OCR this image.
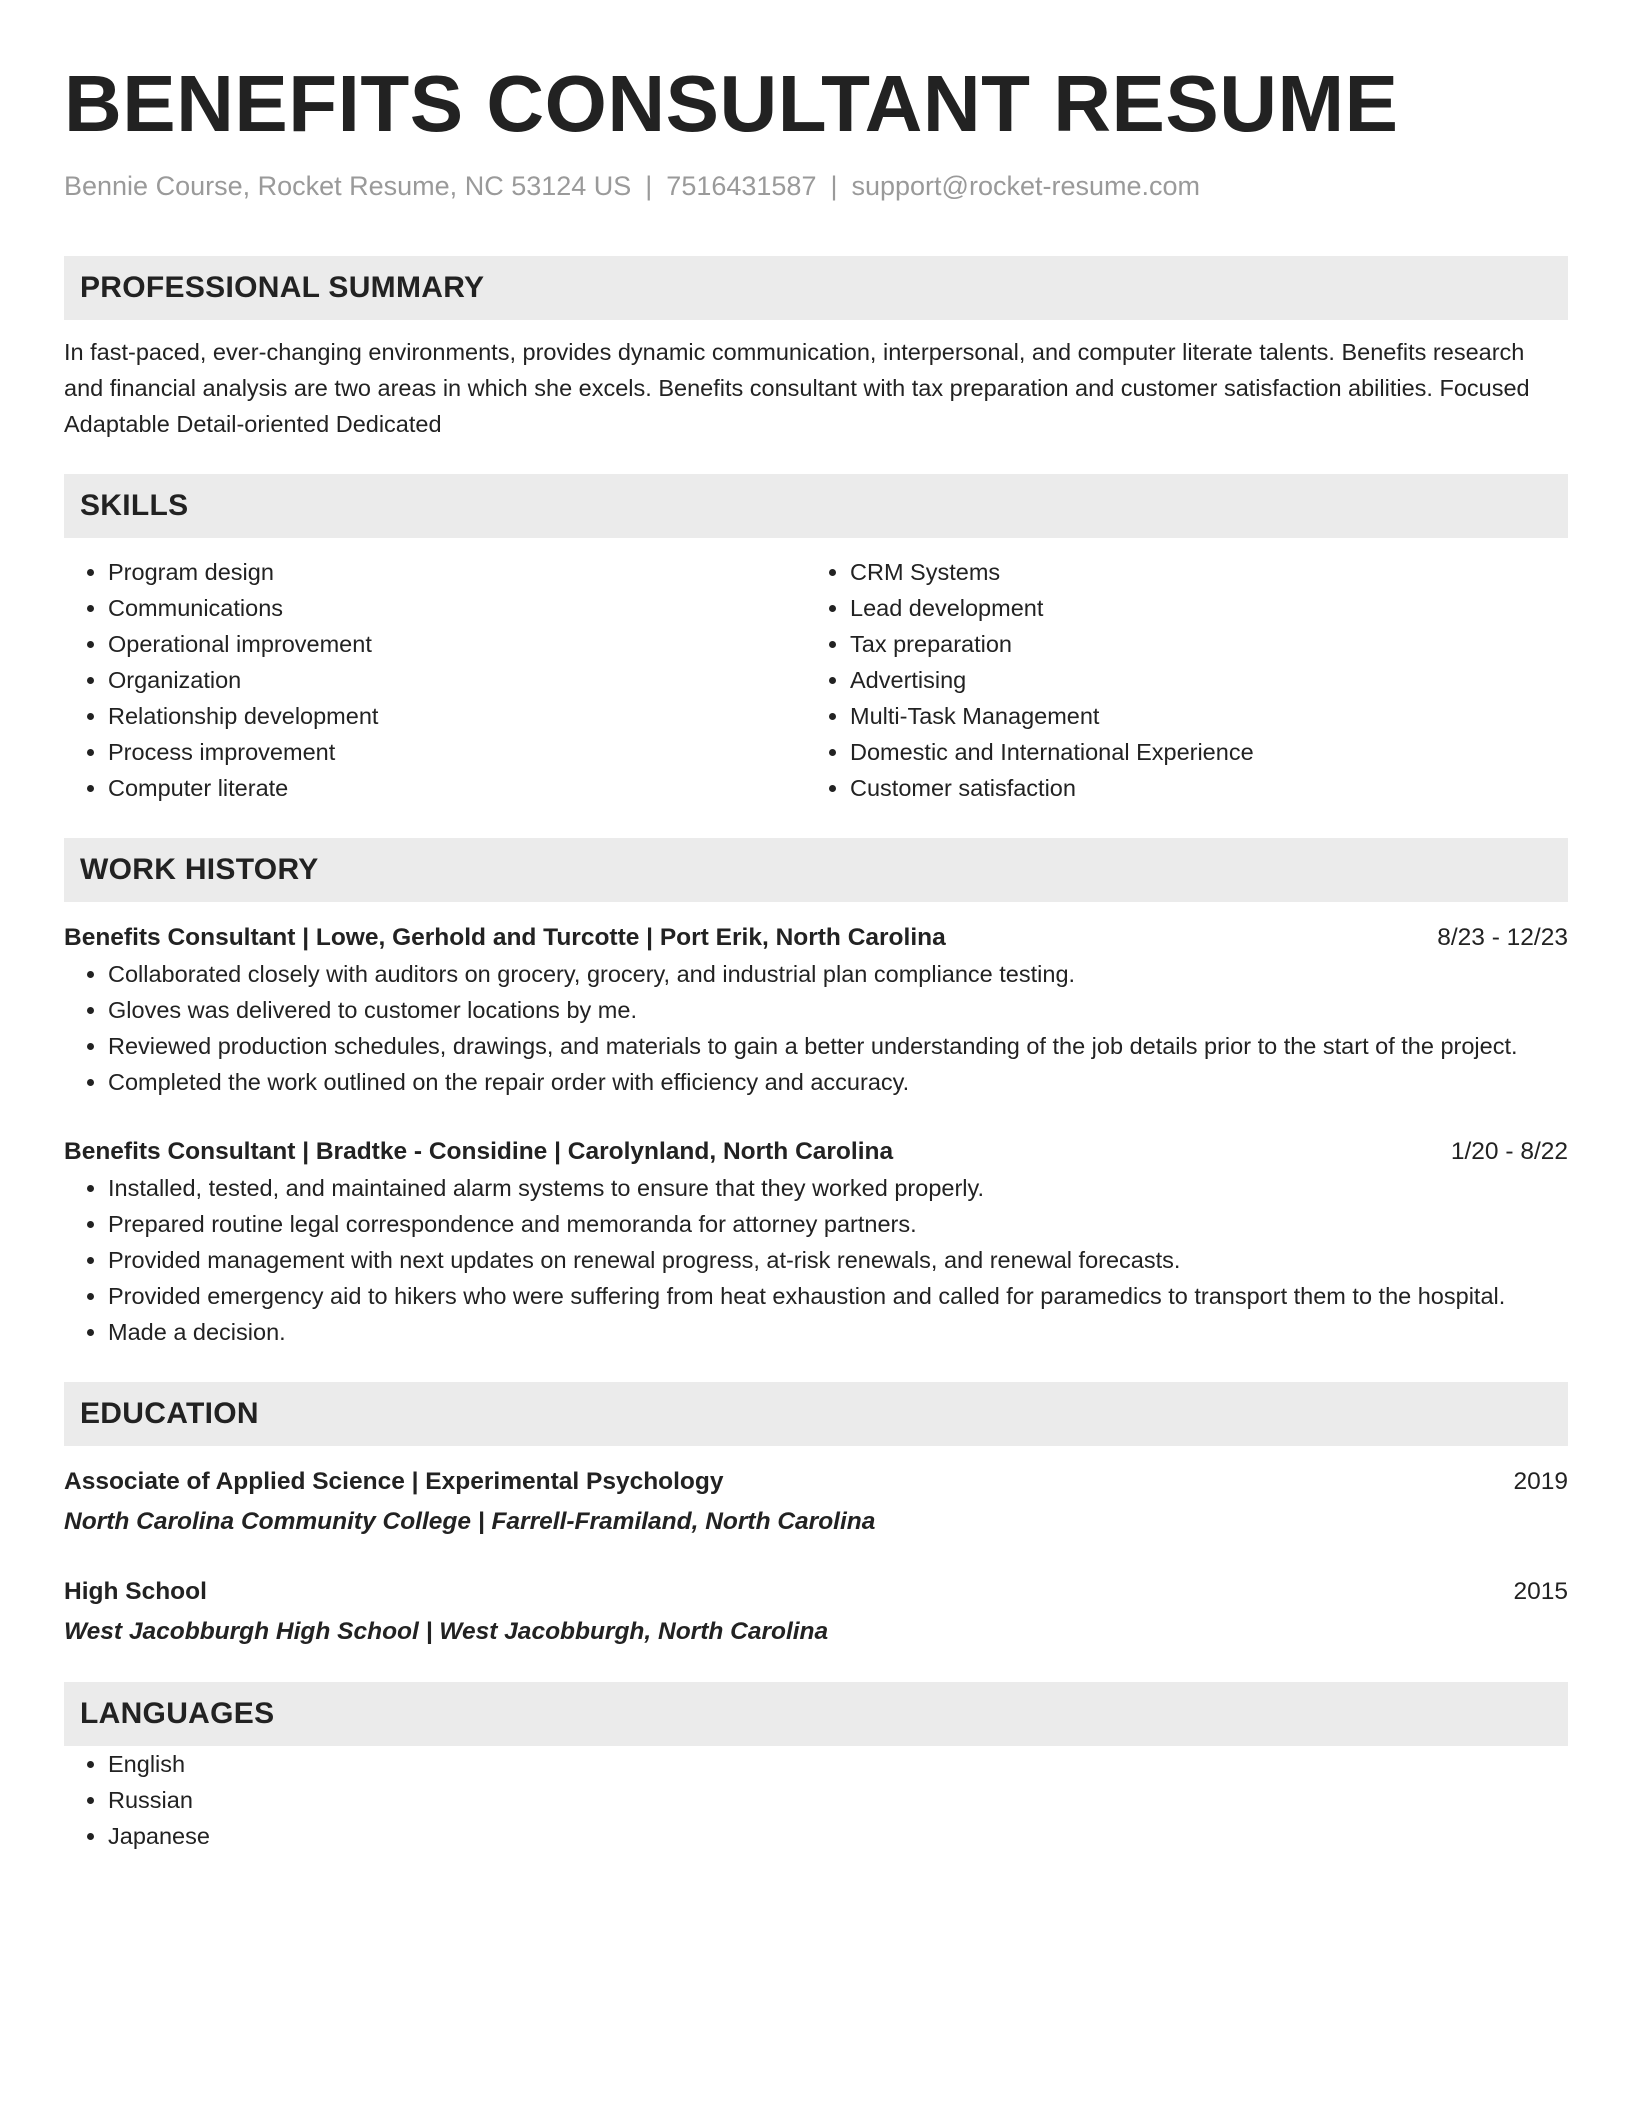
BENEFITS CONSULTANT RESUME
Bennie Course, Rocket Resume, NC 53124 US | 7516431587 | support@rocket-resume.com
PROFESSIONAL SUMMARY
In fast-paced, ever-changing environments, provides dynamic communication, interpersonal, and computer literate talents. Benefits research and financial analysis are two areas in which she excels. Benefits consultant with tax preparation and customer satisfaction abilities. Focused Adaptable Detail-oriented Dedicated
SKILLS
• Program design
• Communications
• Operational improvement
• Organization
• Relationship development
• Process improvement
• Computer literate
• CRM Systems
• Lead development
• Tax preparation
• Advertising
• Multi-Task Management
• Domestic and International Experience
• Customer satisfaction
WORK HISTORY
Benefits Consultant | Lowe, Gerhold and Turcotte | Port Erik, North Carolina	8/23 - 12/23
• Collaborated closely with auditors on grocery, grocery, and industrial plan compliance testing.
• Gloves was delivered to customer locations by me.
• Reviewed production schedules, drawings, and materials to gain a better understanding of the job details prior to the start of the project.
• Completed the work outlined on the repair order with efficiency and accuracy.
Benefits Consultant | Bradtke - Considine | Carolynland, North Carolina	1/20 - 8/22
• Installed, tested, and maintained alarm systems to ensure that they worked properly.
• Prepared routine legal correspondence and memoranda for attorney partners.
• Provided management with next updates on renewal progress, at-risk renewals, and renewal forecasts.
• Provided emergency aid to hikers who were suffering from heat exhaustion and called for paramedics to transport them to the hospital.
• Made a decision.
EDUCATION
Associate of Applied Science | Experimental Psychology	2019
North Carolina Community College | Farrell-Framiland, North Carolina
High School	2015
West Jacobburgh High School | West Jacobburgh, North Carolina
LANGUAGES
• English
• Russian
• Japanese
